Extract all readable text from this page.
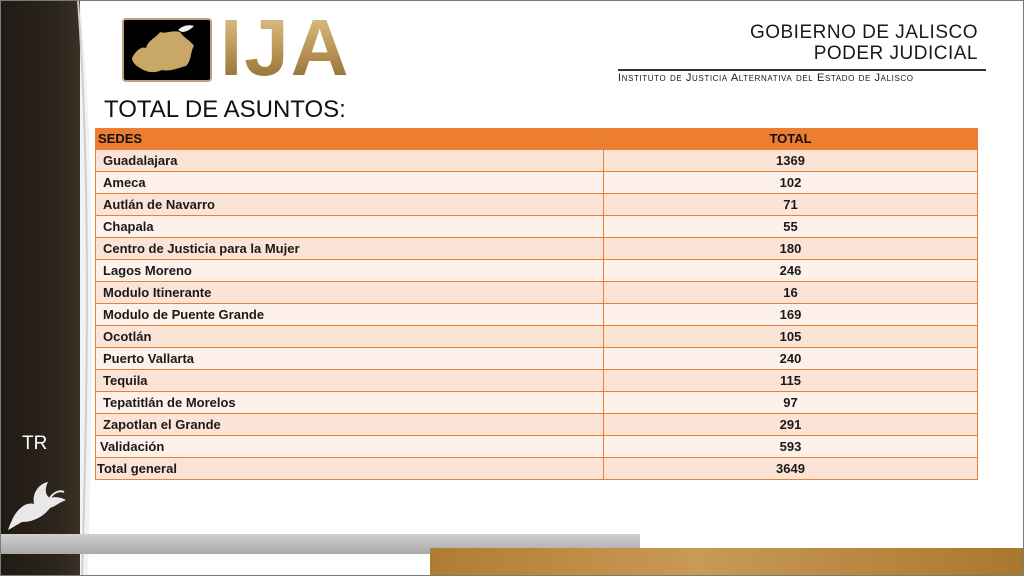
TR
IJA	GOBIERNO DE JALISCO
PODER JUDICIAL
Instituto de Justicia Alternativa del Estado de Jalisco
TOTAL DE ASUNTOS:
SEDES	TOTAL
Guadalajara	1369
Ameca	102
Autlán de Navarro	71
Chapala	55
Centro de Justicia para la Mujer	180
Lagos Moreno	246
Modulo Itinerante	16
Modulo de Puente Grande	169
Ocotlán	105
Puerto Vallarta	240
Tequila	115
Tepatitlán de Morelos	97
Zapotlan el Grande	291
Validación	593
Total general	3649
